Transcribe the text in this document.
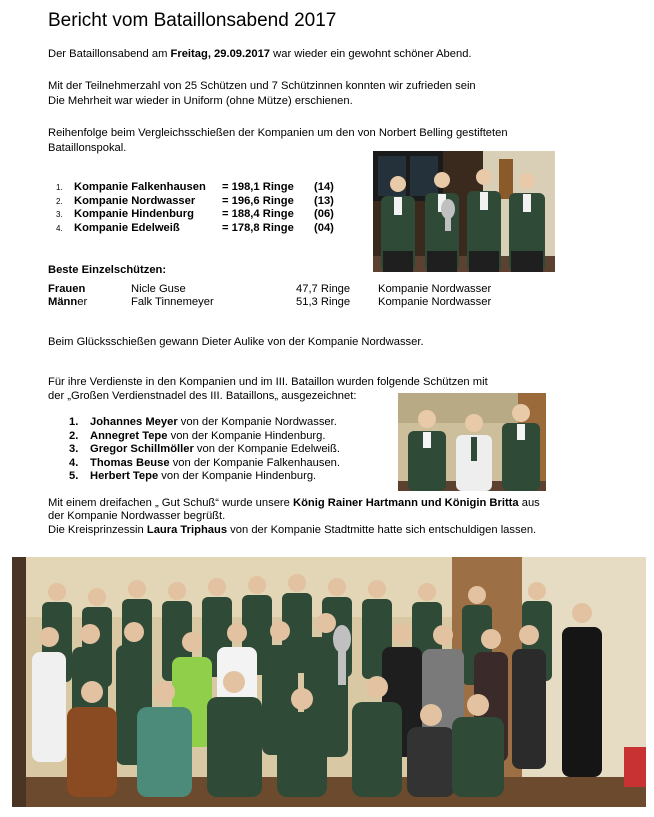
Bericht vom Bataillonsabend 2017
Der Bataillonsabend am Freitag, 29.09.2017 war wieder ein gewohnt schöner Abend.
Mit der Teilnehmerzahl von 25 Schützen und 7 Schützinnen konnten wir zufrieden sein
Die Mehrheit war wieder in Uniform (ohne Mütze) erschienen.
Reihenfolge beim Vergleichsschießen der Kompanien um den von Norbert Belling gestifteten
Bataillonspokal.
1. Kompanie Falkenhausen = 198,1 Ringe (14)
2. Kompanie Nordwasser = 196,6 Ringe (13)
3. Kompanie Hindenburg	= 188,4 Ringe (06)
4. Kompanie Edelweiß	= 178,8 Ringe (04)
Beste Einzelschützen:
Frauen	Nicle Guse	47,7 Ringe Kompanie Nordwasser
Männer	Falk Tinnemeyer	51,3 Ringe Kompanie Nordwasser
Beim Glücksschießen gewann Dieter Aulike von der Kompanie Nordwasser.
Für ihre Verdienste in den Kompanien und im III. Bataillon wurden folgende Schützen mit
der „Großen Verdienstnadel des III. Bataillons„ ausgezeichnet:
1. Johannes Meyer von der Kompanie Nordwasser.
2. Annegret Tepe von der Kompanie Hindenburg.
3. Gregor Schillmöller von der Kompanie Edelweiß.
4. Thomas Beuse von der Kompanie Falkenhausen.
5. Herbert Tepe von der Kompanie Hindenburg.
Mit einem dreifachen „ Gut Schuß“ wurde unsere König Rainer Hartmann und Königin Britta aus
der Kompanie Nordwasser begrüßt.
Die Kreisprinzessin Laura Triphaus von der Kompanie Stadtmitte hatte sich entschuldigen lassen.
